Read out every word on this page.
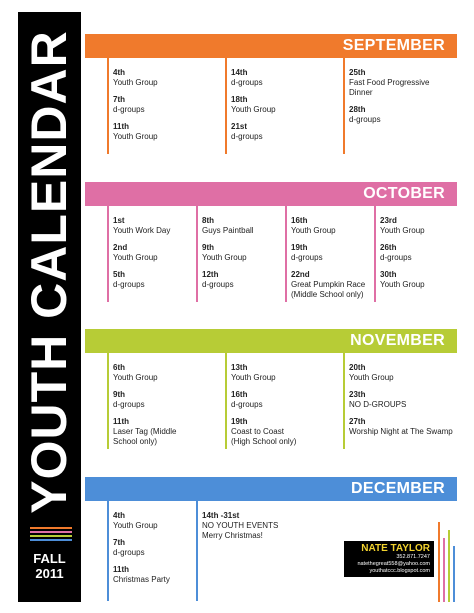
YOUTH CALENDAR
FALL
2011
SEPTEMBER
4th
Youth Group
7th
d-groups
11th
Youth Group
14th
d-groups
18th
Youth Group
21st
d-groups
25th
Fast Food Progressive Dinner
28th
d-groups
OCTOBER
1st
Youth Work Day
2nd
Youth Group
5th
d-groups
8th
Guys Paintball
9th
Youth Group
12th
d-groups
16th
Youth Group
19th
d-groups
22nd
Great Pumpkin Race (Middle School only)
23rd
Youth Group
26th
d-groups
30th
Youth Group
NOVEMBER
6th
Youth Group
9th
d-groups
11th
Laser Tag (Middle School only)
13th
Youth Group
16th
d-groups
19th
Coast to Coast (High School only)
20th
Youth Group
23th
NO D-GROUPS
27th
Worship Night at The Swamp
DECEMBER
4th
Youth Group
7th
d-groups
11th
Christmas Party
14th -31st
NO YOUTH EVENTS Merry Christmas!
NATE TAYLOR
352.871.7247
natethegreat558@yahoo.com
youthatccc.blogspot.com
